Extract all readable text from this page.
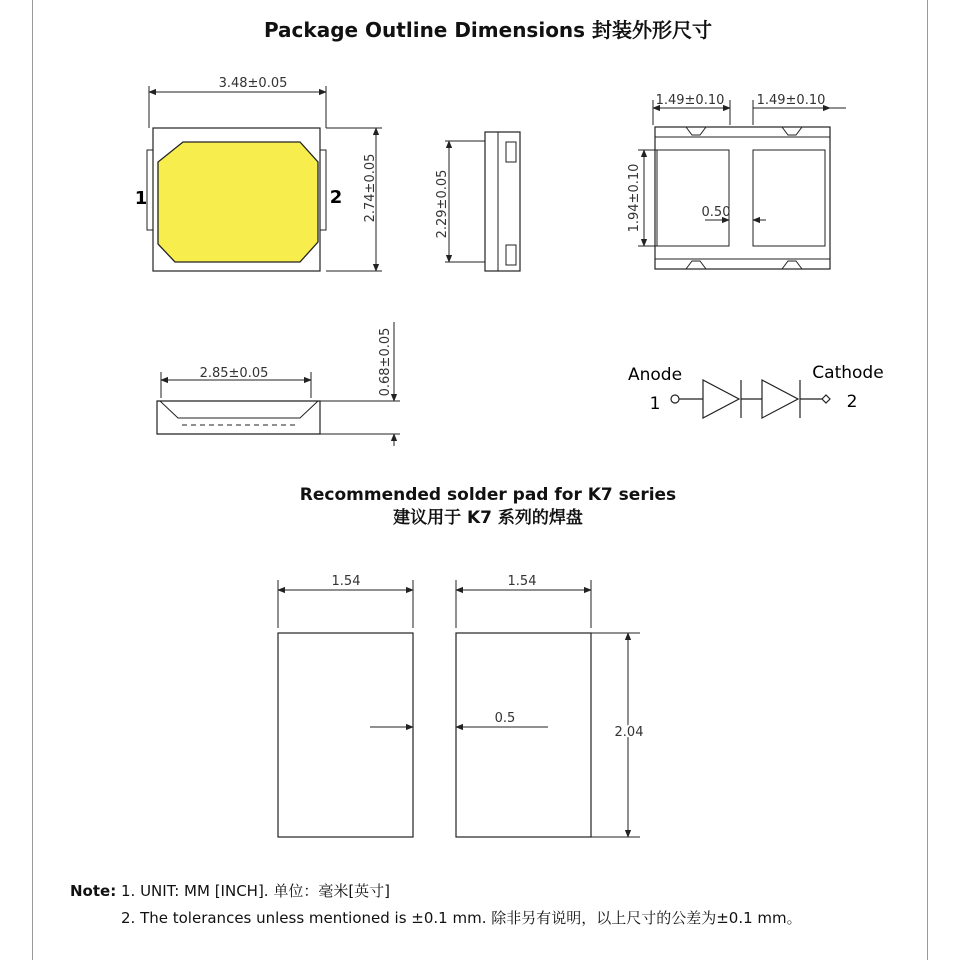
Package Outline Dimensions 封装外形尺寸
3.48±0.05
2.74±0.05
1	2	2.29±0.05
1.49±0.10 1.49±0.10
1.94±0.10	0.50
2.85±0.05	0.68±0.05	Anode	Cathode
1	2
Recommended solder pad for K7 series
建议用于 K7 系列的焊盘
1.54	1.54
0.5
2.04
Note: 1. UNIT: MM [INCH]. 单位：毫米[英寸]
2. The tolerances unless mentioned is ±0.1 mm. 除非另有说明，以上尺寸的公差为±0.1 mm。
